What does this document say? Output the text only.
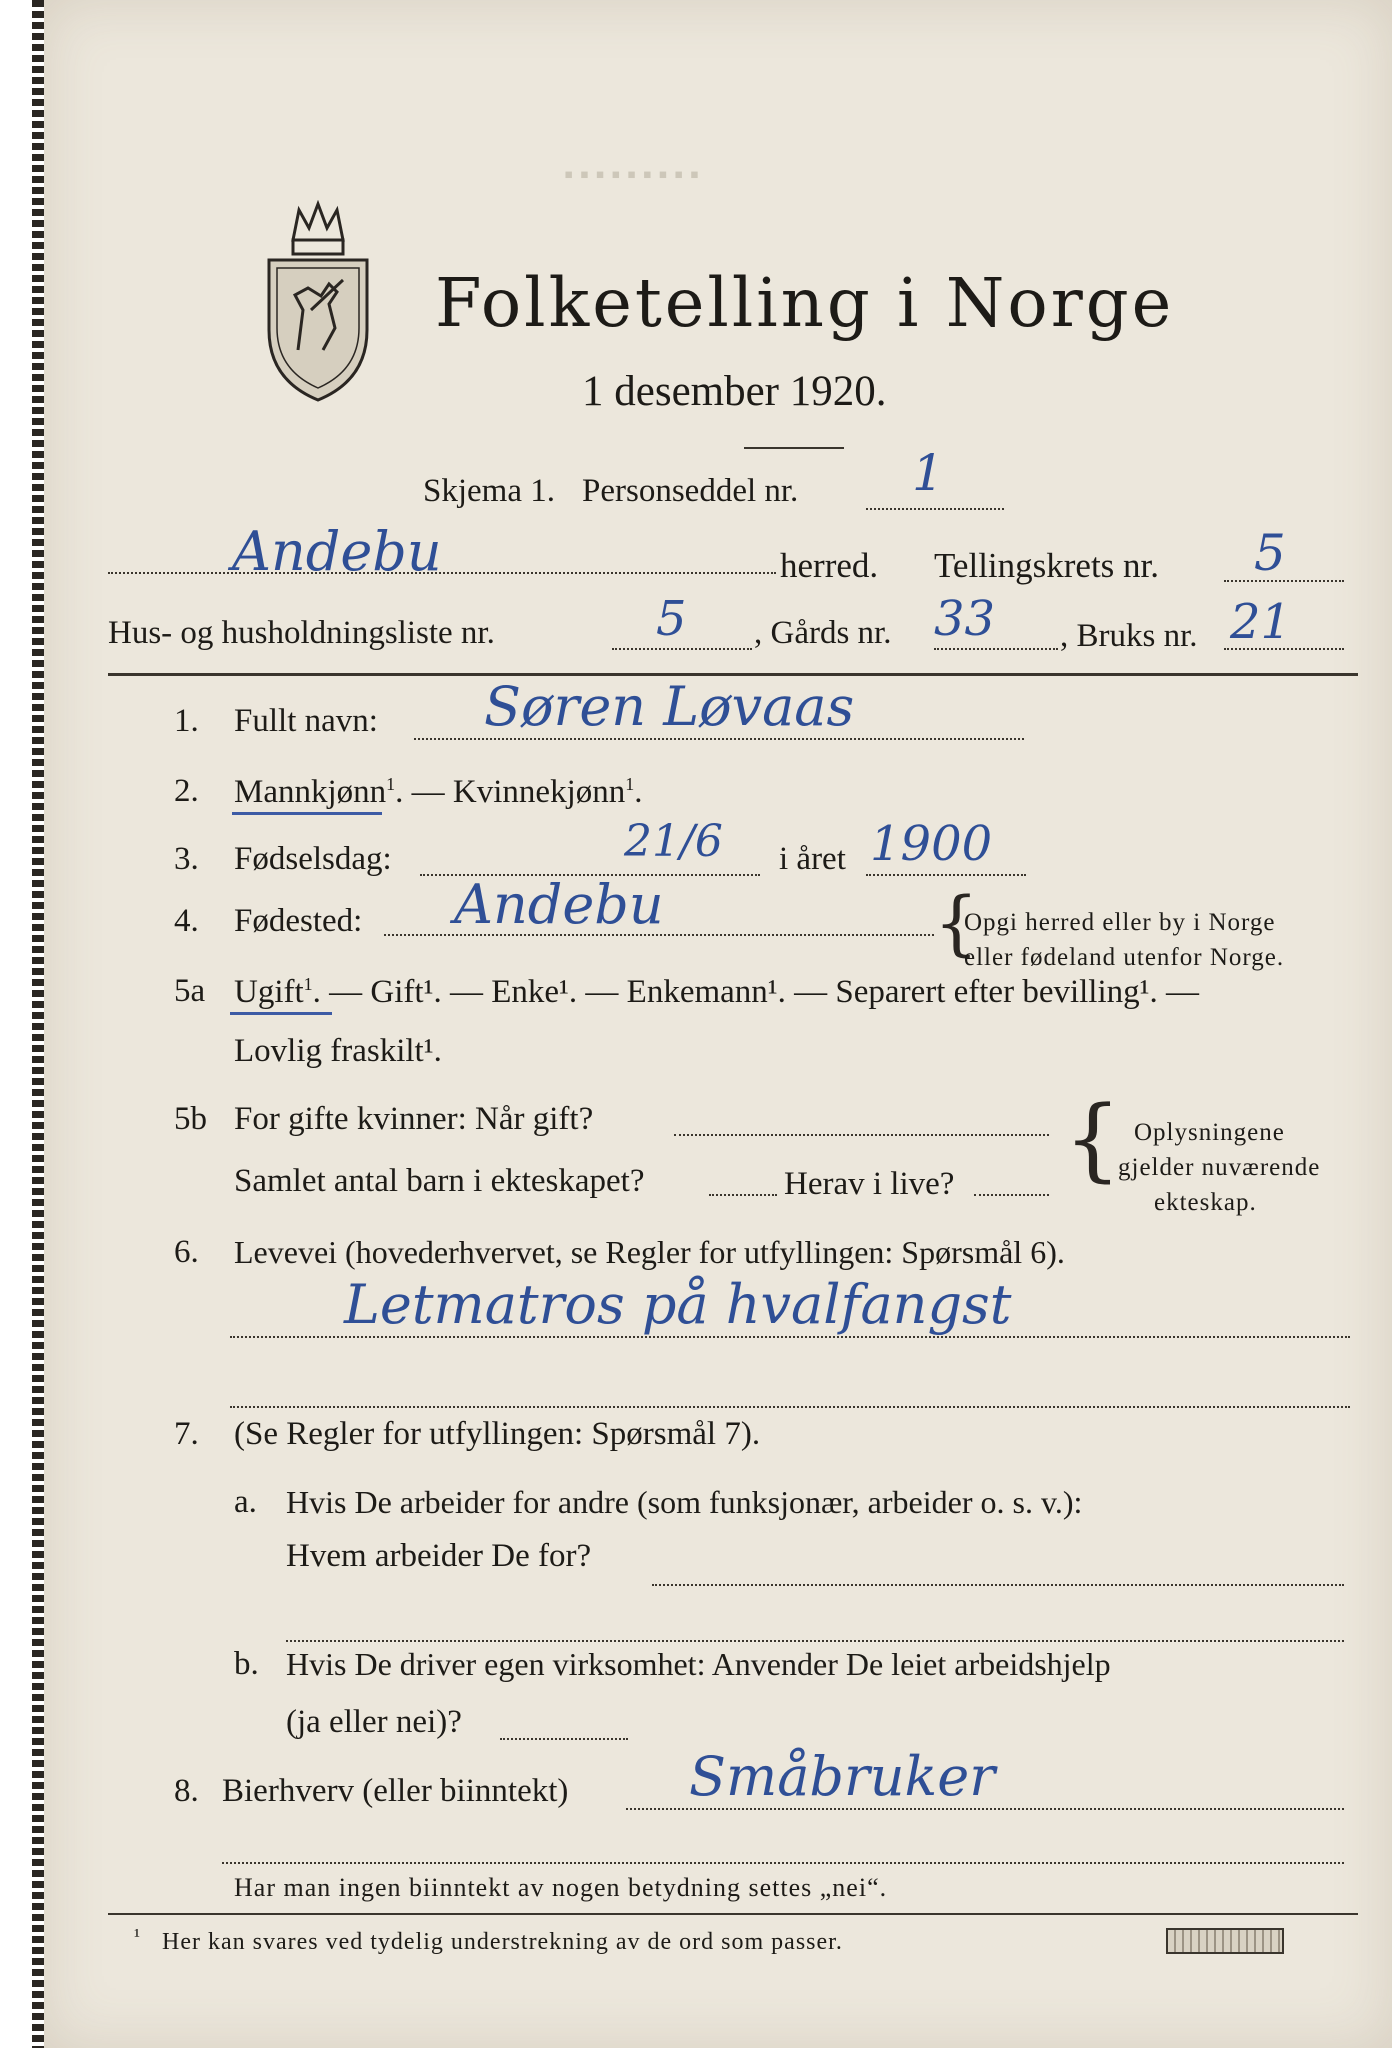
▪ ▪ ▪ ▪ ▪ ▪ ▪ ▪ ▪
Folketelling i Norge
1 desember 1920.
Skjema 1. Personseddel nr. 1
Andebu	herred. Tellingskrets nr. 5
Hus- og husholdningsliste nr.	5 , Gårds nr. 33 , Bruks nr. 21
1. Fullt navn: Søren Løvaas
2. Mannkjønn$^1$. — Kvinnekjønn$^1$.
3. Fødselsdag:	21/6 i året 1900
4. Fødested: Andebu	{
Opgi herred eller by i Norge
eller fødeland utenfor Norge.
5a Ugift$^1$. — Gift¹. — Enke¹. — Enkemann¹. — Separert efter bevilling¹. —
Lovlig fraskilt¹.
5b For gifte kvinner: Når gift?
Samlet antal barn i ekteskapet?	Herav i live? { Oplysningene
gjelder nuværende
ekteskap.
6. Levevei (hovederhvervet, se Regler for utfyllingen: Spørsmål 6).
Letmatros på hvalfangst
7. (Se Regler for utfyllingen: Spørsmål 7).
a. Hvis De arbeider for andre (som funksjonær, arbeider o. s. v.):
Hvem arbeider De for?
b. Hvis De driver egen virksomhet: Anvender De leiet arbeidshjelp
(ja eller nei)?
8. Bierhverv (eller biinntekt) Småbruker
Har man ingen biinntekt av nogen betydning settes „nei“.
¹ Her kan svares ved tydelig understrekning av de ord som passer.
